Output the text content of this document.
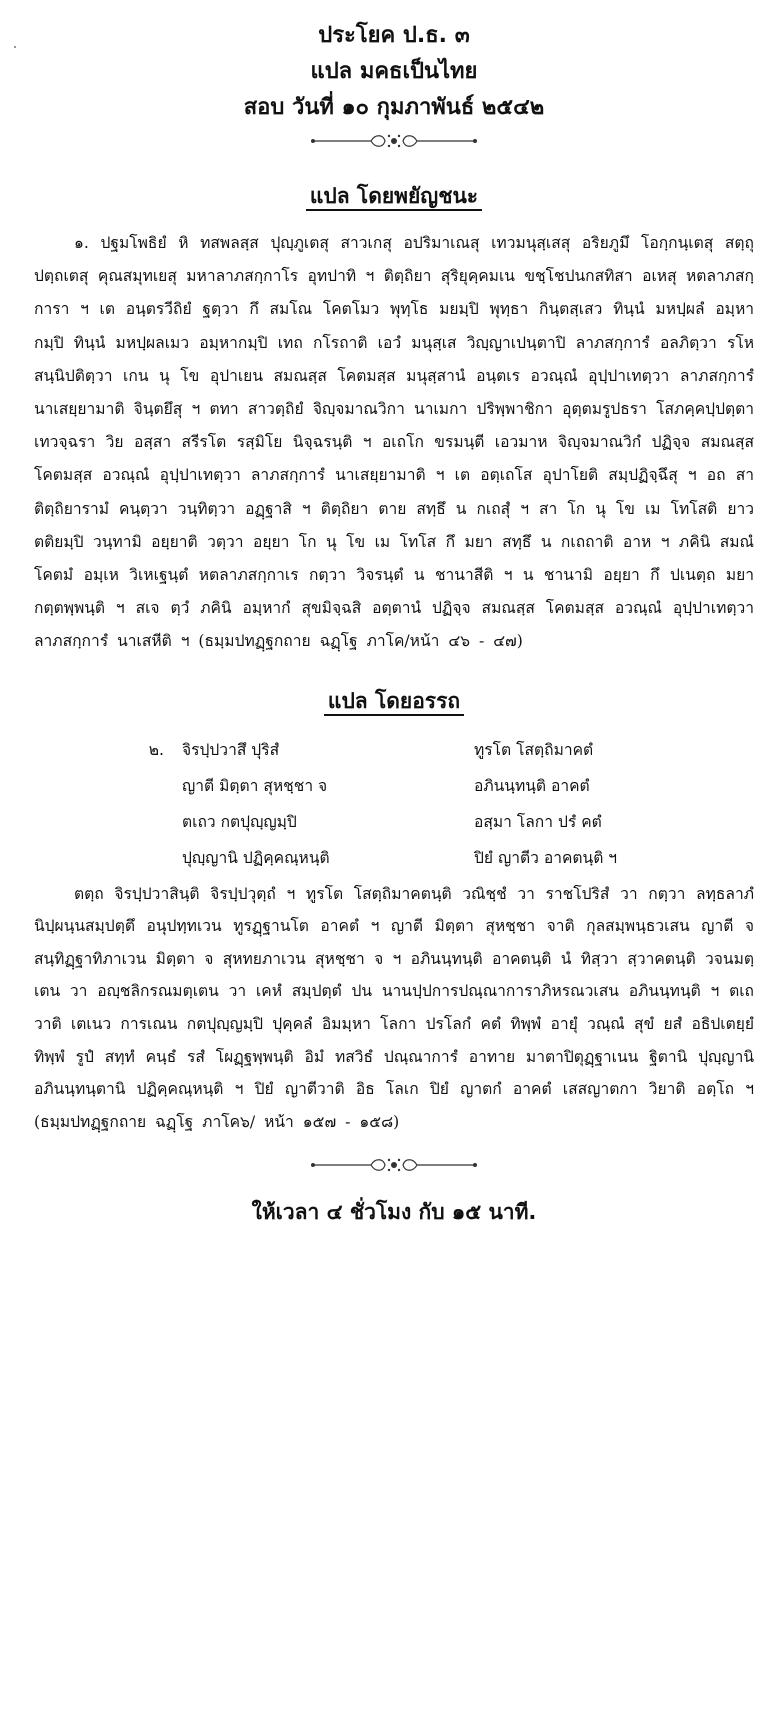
ประโยค ป.ธ. ๓
แปล มคธเป็นไทย
สอบ วันที่ ๑๐ กุมภาพันธ์ ๒๕๔๒
แปล โดยพยัญชนะ

๑. ปฐมโพธิยํ หิ ทสพลสฺส ปุญฺภูเตสุ สาวเกสุ อปริมาเณสุ เทวมนุสฺเสสุ อริยภูมึ โอกฺกนฺเตสุ สตฺถุ ปตฺถเตสุ คุณสมุทเยสุ มหาลาภสกฺกาโร อุทปาทิ ฯ ติตฺถิยา สุริยุคฺคมเน ขชฺโชปนกสทิสา อเหสุ หตลาภสกฺการา ฯ เต อนฺตรวีถิยํ ฐตฺวา กึ สมโณ โคตโมว พุทฺโธ มยมฺปิ พุทฺธา กินฺตสฺเสว ทินฺนํ มหปฺผลํ อมฺหากมฺปิ ทินฺนํ มหปฺผลเมว อมฺหากมฺปิ เทถ กโรถาติ เอวํ มนุสฺเส วิญฺญาเปนฺตาปิ ลาภสกฺการํ อลภิตฺวา รโห สนฺนิปติตฺวา เกน นุ โข อุปาเยน สมณสฺส โคตมสฺส มนุสฺสานํ อนฺตเร อวณฺณํ อุปฺปาเทตฺวา ลาภสกฺการํ นาเสยฺยามาติ จินฺตยึสุ ฯ ตทา สาวตฺถิยํ จิญฺจมาณวิกา นาเมกา ปริพฺพาชิกา อุตฺตมรูปธรา โสภคฺคปฺปตฺตา เทวจฺฉรา วิย อสฺสา สรีรโต รสฺมิโย นิจฺฉรนฺติ ฯ อเถโก ขรมนฺตี เอวมาห จิญฺจมาณวิกํ ปฏิจฺจ สมณสฺส โคตมสฺส อวณฺณํ อุปฺปาเทตฺวา ลาภสกฺการํ นาเสยฺยามาติ ฯ เต อตฺเถโส อุปาโยติ สมฺปฏิจฺฉึสุ ฯ อถ สา ติตฺถิยารามํ คนฺตฺวา วนฺทิตฺวา อฏฺฐาสิ ฯ ติตฺถิยา ตาย สทฺธึ น กเถสุํ ฯ สา โก นุ โข เม โทโสติ ยาวตติยมฺปิ วนฺทามิ อยฺยาติ วตฺวา อยฺยา โก นุ โข เม โทโส กึ มยา สทฺธึ น กเถถาติ อาห ฯ ภคินิ สมณํ โคตมํ อมฺเห วิเหเฐนฺตํ หตลาภสกฺกาเร กตฺวา วิจรนฺตํ น ชานาสีติ ฯ น ชานามิ อยฺยา กึ ปเนตฺถ มยา กตฺตพฺพนฺติ ฯ สเจ ตฺวํ ภคินิ อมฺหากํ สุขมิจฺฉสิ อตฺตานํ ปฏิจฺจ สมณสฺส โคตมสฺส อวณฺณํ อุปฺปาเทตฺวา ลาภสกฺการํ นาเสหีติ ฯ (ธมฺมปทฏฺฐกถาย ฉฏฺโฐ ภาโค/หน้า ๔๖ - ๔๗)

แปล โดยอรรถ
๒.	จิรปฺปวาสึ ปุริสํ	ทูรโต โสตฺถิมาคตํ
ญาตี มิตฺตา สุหชฺชา จ	อภินนฺทนฺติ อาคตํ
ตเถว กตปุญฺญมฺปิ	อสฺมา โลกา ปรํ คตํ
ปุญฺญานิ ปฏิคฺคณฺหนฺติ	ปิยํ ญาตีว อาคตนฺติ ฯ

ตตฺถ จิรปฺปวาสินฺติ จิรปฺปวุตฺถํ ฯ ทูรโต โสตฺถิมาคตนฺติ วณิชฺชํ วา ราชโปริสํ วา กตฺวา ลทฺธลาภํ นิปฺผนฺนสมฺปตฺตึ อนุปทฺทเวน ทูรฏฺฐานโต อาคตํ ฯ ญาตี มิตฺตา สุหชฺชา จาติ กุลสมฺพนฺธวเสน ญาตี จ สนฺทิฏฺฐาทิภาเวน มิตฺตา จ สุหทยภาเวน สุหชฺชา จ ฯ อภินนฺทนฺติ อาคตนฺติ นํ ทิสฺวา สฺวาคตนฺติ วจนมตฺเตน วา อญฺชลิกรณมตฺเตน วา เคหํ สมฺปตฺตํ ปน นานปฺปการปณฺณาการาภิหรณวเสน อภินนฺทนฺติ ฯ ตเถวาติ เตเนว การเณน กตปุญฺญมฺปิ ปุคฺคลํ อิมมฺหา โลกา ปรโลกํ คตํ ทิพฺพํ อายุํ วณฺณํ สุขํ ยสํ อธิปเตยฺยํ ทิพฺพํ รูปํ สทฺทํ คนฺธํ รสํ โผฏฺฐพฺพนฺติ อิมํ ทสวิธํ ปณฺณาการํ อาทาย มาตาปิตุฏฺฐาเนน ฐิตานิ ปุญฺญานิ อภินนฺทนฺตานิ ปฏิคฺคณฺหนฺติ ฯ ปิยํ ญาตีวาติ อิธ โลเก ปิยํ ญาตกํ อาคตํ เสสญาตกา วิยาติ อตฺโถ ฯ (ธมฺมปทฏฺฐกถาย ฉฏฺโฐ ภาโค๖/ หน้า ๑๕๗ - ๑๕๘)

ให้เวลา ๔ ชั่วโมง กับ ๑๕ นาที.
